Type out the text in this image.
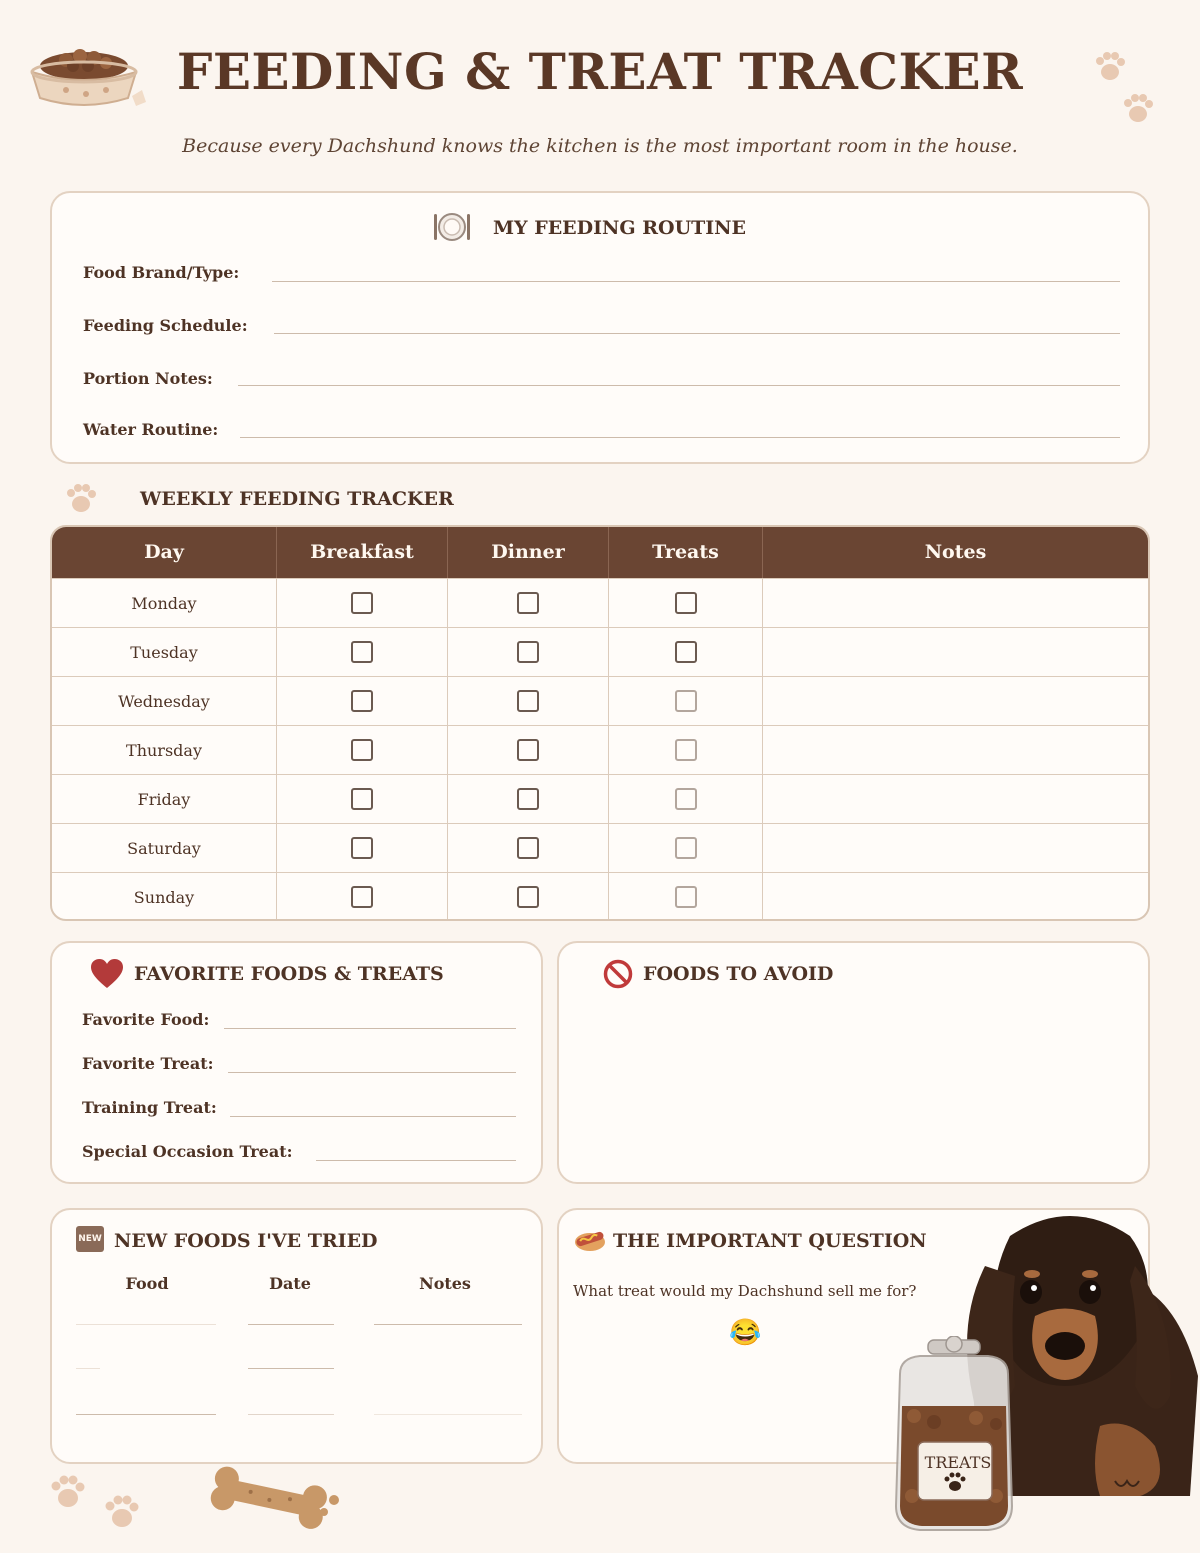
FEEDING & TREAT TRACKER
Because every Dachshund knows the kitchen is the most important room in the house.
MY FEEDING ROUTINE
Food Brand/Type:
Feeding Schedule:
Portion Notes:
Water Routine:
WEEKLY FEEDING TRACKER
Day	Breakfast	Dinner	Treats	Notes
Monday
Tuesday
Wednesday
Thursday
Friday
Saturday
Sunday
FAVORITE FOODS & TREATS
Favorite Food:
Favorite Treat:
Training Treat:
Special Occasion Treat:
FOODS TO AVOID
NEW NEW FOODS I'VE TRIED
Food	Date	Notes
THE IMPORTANT QUESTION
What treat would my Dachshund sell me for?
😂
TREATS
